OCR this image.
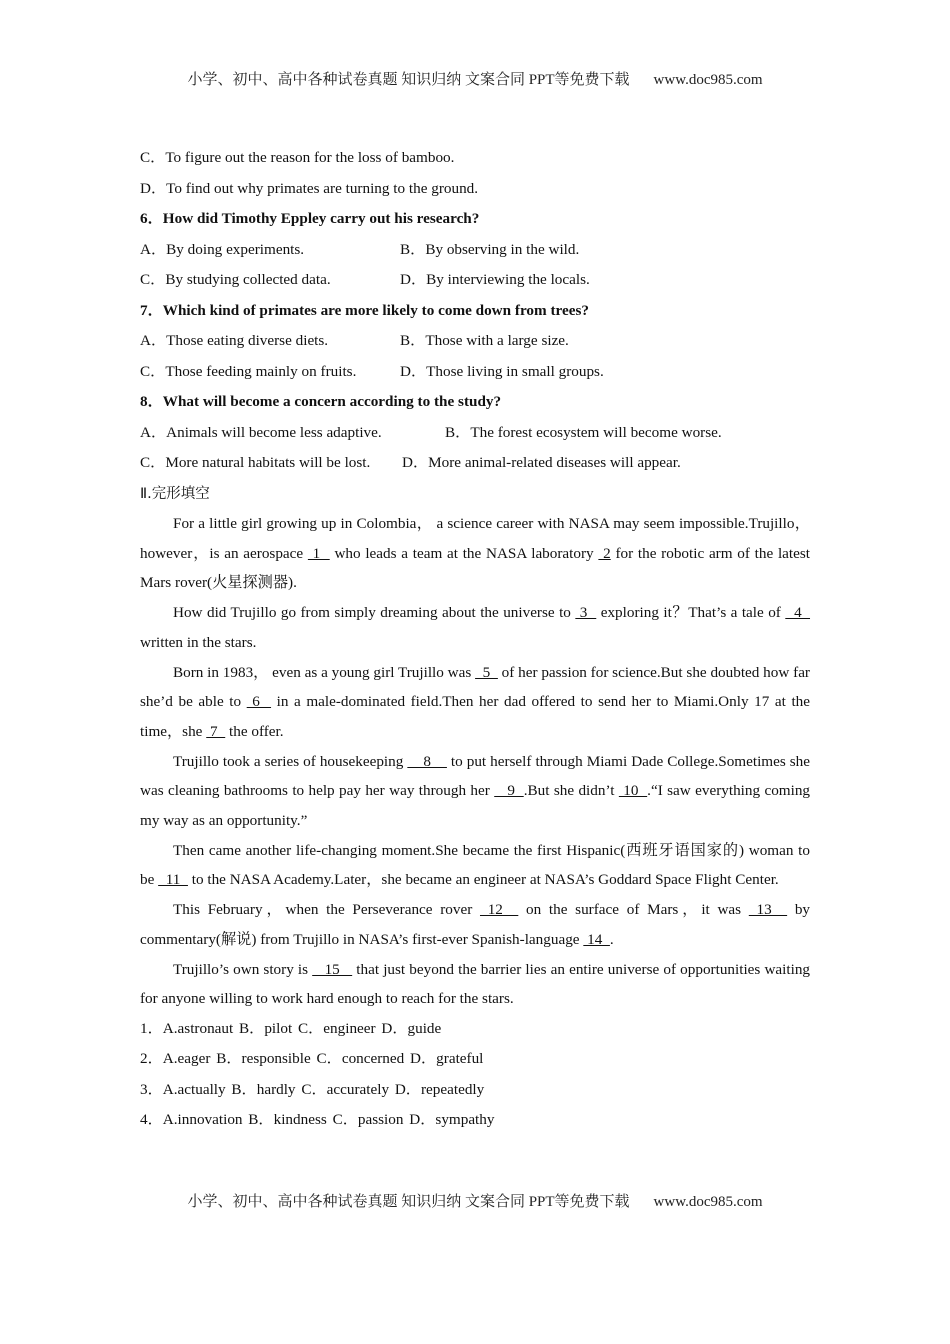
小学、初中、高中各种试卷真题 知识归纳 文案合同 PPT等免费下载 www.doc985.com
C．To figure out the reason for the loss of bamboo.
D．To find out why primates are turning to the ground.
6．How did Timothy Eppley carry out his research?
A．By doing experiments.	B．By observing in the wild.
C．By studying collected data.	D．By interviewing the locals.
7．Which kind of primates are more likely to come down from trees?
A．Those eating diverse diets.	B．Those with a large size.
C．Those feeding mainly on fruits.	D．Those living in small groups.
8．What will become a concern according to the study?
A．Animals will become less adaptive.	B．The forest ecosystem will become worse.
C．More natural habitats will be lost.	D．More animal-related diseases will appear.
Ⅱ.完形填空
For a little girl growing up in Colombia， a science career with NASA may seem impossible.Trujillo，however，is an aerospace  1   who leads a team at the NASA laboratory  2 for the robotic arm of the latest Mars rover(火星探测器).
How did Trujillo go from simply dreaming about the universe to  3   exploring it？That’s a tale of   4   written in the stars.
Born in 1983， even as a young girl Trujillo was   5   of her passion for science.But she doubted how far she’d be able to  6   in a male-dominated field.Then her dad offered to send her to Miami.Only 17 at the time，she  7   the offer.
Trujillo took a series of housekeeping     8     to put herself through Miami Dade College.Sometimes she was cleaning bathrooms to help pay her way through her    9  .But she didn’t  10  .“I saw everything coming my way as an opportunity.”
Then came another life-changing moment.She became the first Hispanic(西班牙语国家的) woman to be   11   to the NASA Academy.Later，she became an engineer at NASA’s Goddard Space Flight Center.
This February，when the Perseverance rover  12   on the surface of Mars，it was  13   by commentary(解说) from Trujillo in NASA’s first-ever Spanish-language  14  .
Trujillo’s own story is    15    that just beyond the barrier lies an entire universe of opportunities waiting for anyone willing to work hard enough to reach for the stars.
1．A.astronaut B．pilot C．engineer D．guide
2．A.eager B．responsible C．concerned D．grateful
3．A.actually B．hardly C．accurately D．repeatedly
4．A.innovation B．kindness C．passion D．sympathy
小学、初中、高中各种试卷真题 知识归纳 文案合同 PPT等免费下载 www.doc985.com
